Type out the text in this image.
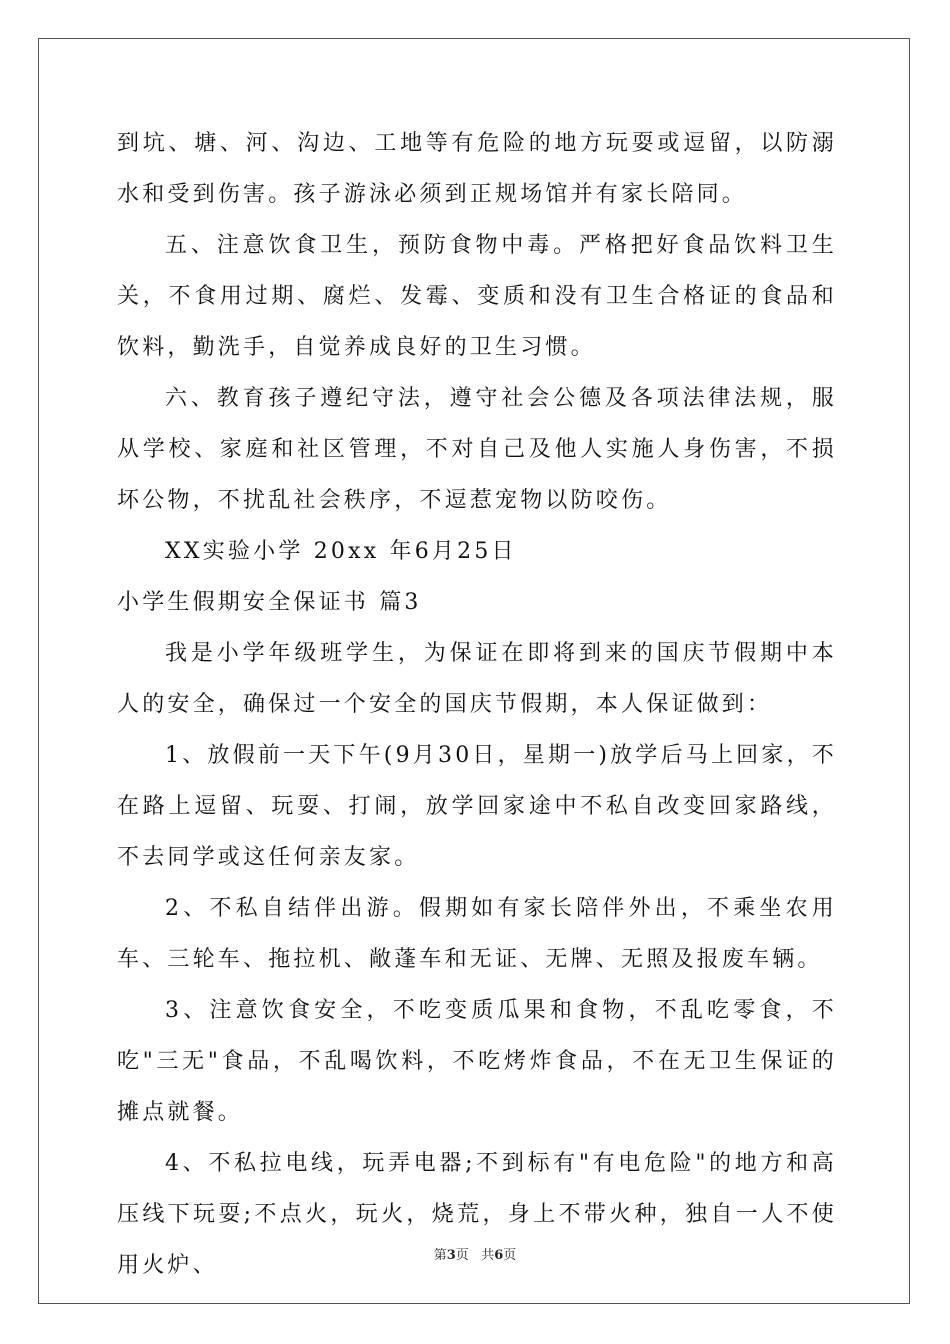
到坑、塘、河、沟边、工地等有危险的地方玩耍或逗留，以防溺水和受到伤害。孩子游泳必须到正规场馆并有家长陪同。

五、注意饮食卫生，预防食物中毒。严格把好食品饮料卫生关，不食用过期、腐烂、发霉、变质和没有卫生合格证的食品和饮料，勤洗手，自觉养成良好的卫生习惯。

六、教育孩子遵纪守法，遵守社会公德及各项法律法规，服从学校、家庭和社区管理，不对自己及他人实施人身伤害，不损坏公物，不扰乱社会秩序，不逗惹宠物以防咬伤。

XX实验小学 20xx 年6月25日

小学生假期安全保证书 篇3

我是小学年级班学生，为保证在即将到来的国庆节假期中本人的安全，确保过一个安全的国庆节假期，本人保证做到：

1、放假前一天下午(9月30日，星期一)放学后马上回家，不在路上逗留、玩耍、打闹，放学回家途中不私自改变回家路线，不去同学或这任何亲友家。

2、不私自结伴出游。假期如有家长陪伴外出，不乘坐农用车、三轮车、拖拉机、敞蓬车和无证、无牌、无照及报废车辆。

3、注意饮食安全，不吃变质瓜果和食物，不乱吃零食，不吃"三无"食品，不乱喝饮料，不吃烤炸食品，不在无卫生保证的摊点就餐。

4、不私拉电线，玩弄电器;不到标有"有电危险"的地方和高压线下玩耍;不点火，玩火，烧荒，身上不带火种，独自一人不使用火炉、	第3页 共6页
